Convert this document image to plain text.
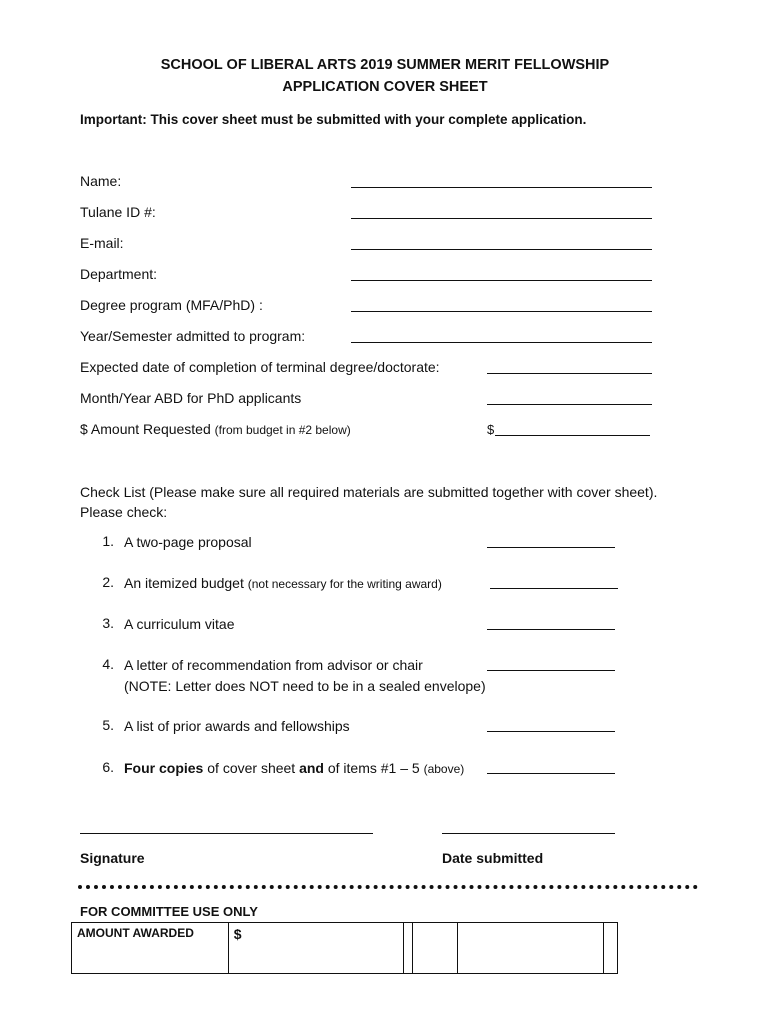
SCHOOL OF LIBERAL ARTS 2019 SUMMER MERIT FELLOWSHIP
APPLICATION COVER SHEET
Important: This cover sheet must be submitted with your complete application.
Name:
Tulane ID #:
E-mail:
Department:
Degree program (MFA/PhD) :
Year/Semester admitted to program:
Expected date of completion of terminal degree/doctorate:
Month/Year ABD for PhD applicants
$ Amount Requested (from budget in #2 below)	$
Check List (Please make sure all required materials are submitted together with cover sheet).
Please check:
1. A two-page proposal
2. An itemized budget (not necessary for the writing award)
3. A curriculum vitae
4. A letter of recommendation from advisor or chair
(NOTE: Letter does NOT need to be in a sealed envelope)
5. A list of prior awards and fellowships
6. Four copies of cover sheet and of items #1 – 5 (above)
Signature	Date submitted
FOR COMMITTEE USE ONLY
AMOUNT AWARDED	$				
